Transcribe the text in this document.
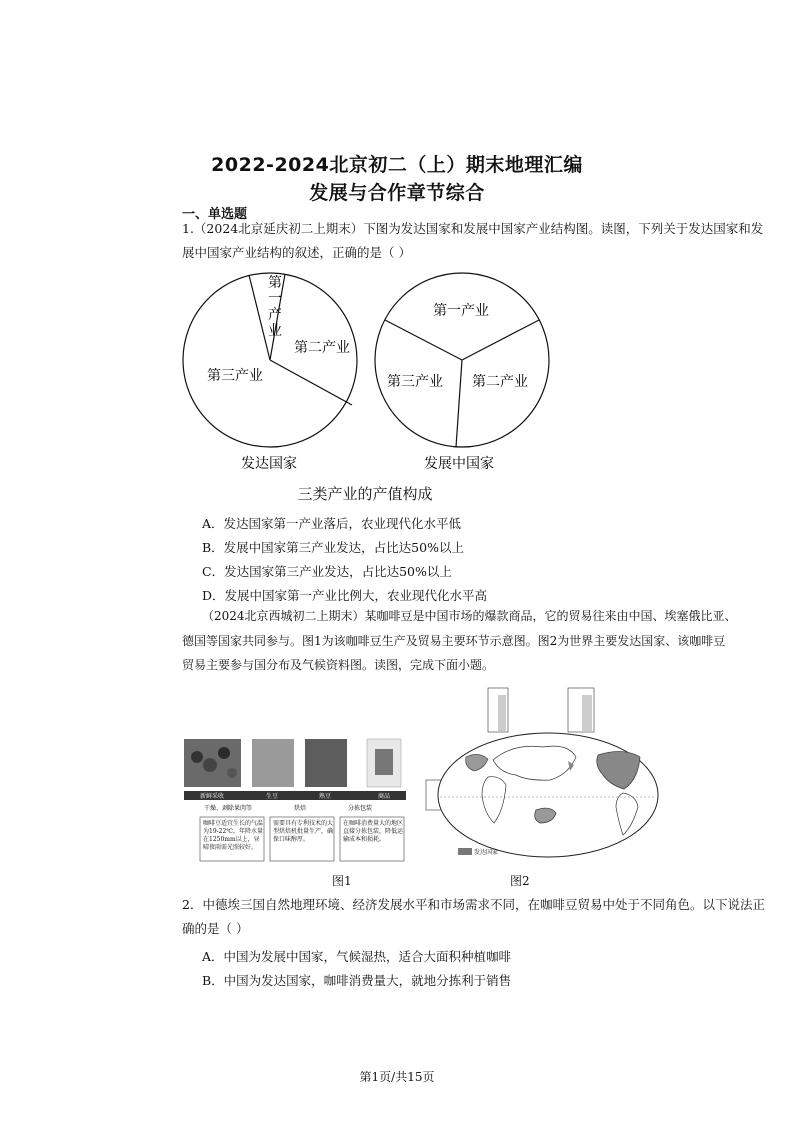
2022-2024北京初二（上）期末地理汇编
发展与合作章节综合
一、单选题
1.（2024北京延庆初二上期末）下图为发达国家和发展中国家产业结构图。读图，下列关于发达国家和发
展中国家产业结构的叙述，正确的是（ ）
第
一
产
业
第二产业
第三产业
发达国家
第一产业
第三产业 第二产业
发展中国家
三类产业的产值构成
A．发达国家第一产业落后，农业现代化水平低
B．发展中国家第三产业发达，占比达50%以上
C．发达国家第三产业发达，占比达50%以上
D．发展中国家第一产业比例大，农业现代化水平高
（2024北京西城初二上期末）某咖啡豆是中国市场的爆款商品，它的贸易往来由中国、埃塞俄比亚、
德国等国家共同参与。图1为该咖啡豆生产及贸易主要环节示意图。图2为世界主要发达国家、该咖啡豆
贸易主要参与国分布及气候资料图。读图，完成下面小题。
新鲜采收	生豆	熟豆	商品
干燥、剥除果肉等	烘焙	分拣包装
咖啡豆适宜生长的气温为19-22℃，年降水量在1250mm以上，昼晴夜雨需光照较好。
需要具有专利技术的大型烘焙机批量生产，确保口味醇厚。
在咖啡消费量大的地区直接分拣包装，降低运输成本和损耗。
图1
发达国家
图2
2．中德埃三国自然地理环境、经济发展水平和市场需求不同，在咖啡豆贸易中处于不同角色。以下说法正
确的是（ ）
A．中国为发展中国家，气候湿热，适合大面积种植咖啡
B．中国为发达国家，咖啡消费量大，就地分拣利于销售
第1页/共15页
